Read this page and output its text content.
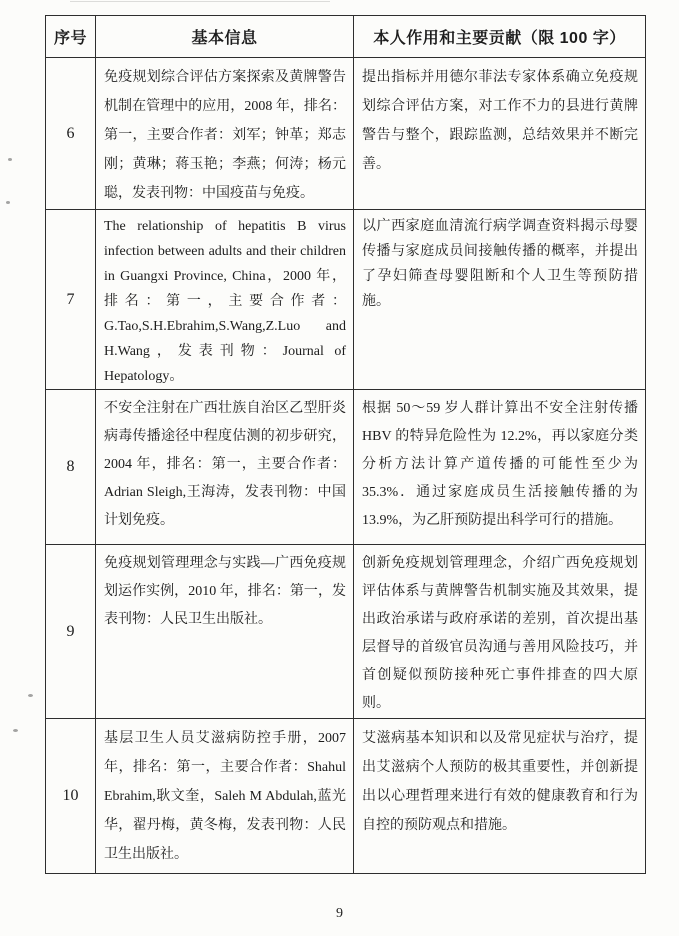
序号	基本信息	本人作用和主要贡献（限 100 字）
6	免疫规划综合评估方案探索及黄牌警告机制在管理中的应用，2008 年，排名：第一，主要合作者：刘军；钟革；郑志刚；黄琳；蒋玉艳；李燕；何涛；杨元聪，发表刊物：中国疫苗与免疫。	提出指标并用德尔菲法专家体系确立免疫规划综合评估方案，对工作不力的县进行黄牌警告与整个，跟踪监测，总结效果并不断完善。
7	The relationship of hepatitis B virus infection between adults and their children in Guangxi Province, China，2000 年，排名：第一，主要合作者：G.Tao,S.H.Ebrahim,S.Wang,Z.Luo and H.Wang，发表刊物：Journal of Hepatology。	以广西家庭血清流行病学调查资料揭示母婴传播与家庭成员间接触传播的概率，并提出了孕妇筛查母婴阻断和个人卫生等预防措施。
8	不安全注射在广西壮族自治区乙型肝炎病毒传播途径中程度估测的初步研究，2004 年，排名：第一，主要合作者：Adrian Sleigh,王海涛，发表刊物：中国计划免疫。	根据 50～59 岁人群计算出不安全注射传播 HBV 的特异危险性为 12.2%，再以家庭分类分析方法计算产道传播的可能性至少为 35.3%．通过家庭成员生活接触传播的为 13.9%，为乙肝预防提出科学可行的措施。
9	免疫规划管理理念与实践—广西免疫规划运作实例，2010 年，排名：第一，发表刊物：人民卫生出版社。	创新免疫规划管理理念，介绍广西免疫规划评估体系与黄牌警告机制实施及其效果，提出政治承诺与政府承诺的差别，首次提出基层督导的首级官员沟通与善用风险技巧，并首创疑似预防接种死亡事件排查的四大原则。
10	基层卫生人员艾滋病防控手册，2007 年，排名：第一，主要合作者：Shahul Ebrahim,耿文奎，Saleh M Abdulah,蓝光华，翟丹梅，黄冬梅，发表刊物：人民卫生出版社。	艾滋病基本知识和以及常见症状与治疗，提出艾滋病个人预防的极其重要性，并创新提出以心理哲理来进行有效的健康教育和行为自控的预防观点和措施。
9
